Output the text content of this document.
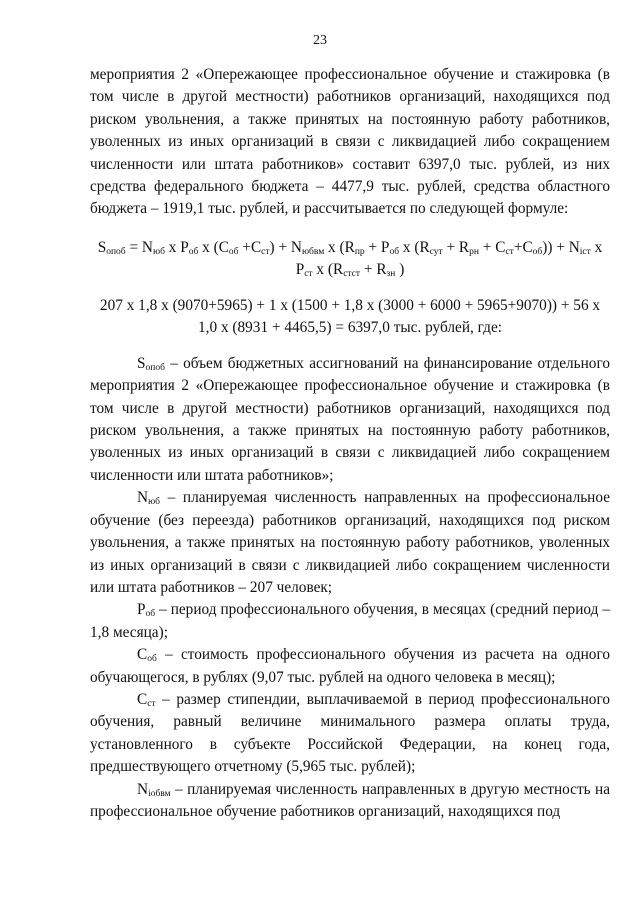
23

мероприятия 2 «Опережающее профессиональное обучение и стажировка (в том числе в другой местности) работников организаций, находящихся под риском увольнения, а также принятых на постоянную работу работников, уволенных из иных организаций в связи с ликвидацией либо сокращением численности или штата работников» составит 6397,0 тыс. рублей, из них средства федерального бюджета – 4477,9 тыс. рублей, средства областного бюджета – 1919,1 тыс. рублей, и рассчитывается по следующей формуле:

$S_{опоб} = N_{юб}$ x $P_{об}$ x $(C_{об} +C_{ст}) + N_{юбвм}$ x ($R_{пр} + P_{об}$ x $(R_{сут} + R_{рн} + C_{ст}+C_{об})) + N_{iст}$ x
$P_{ст}$ x ($R_{стст} + R_{зн}$ )
207 x 1,8 x (9070+5965) + 1 x (1500 + 1,8 x (3000 + 6000 + 5965+9070)) + 56 x
1,0 x (8931 + 4465,5) = 6397,0 тыс. рублей, где:

$S_{опоб}$ – объем бюджетных ассигнований на финансирование отдельного мероприятия 2 «Опережающее профессиональное обучение и стажировка (в том числе в другой местности) работников организаций, находящихся под риском увольнения, а также принятых на постоянную работу работников, уволенных из иных организаций в связи с ликвидацией либо сокращением численности или штата работников»;

$N_{юб}$ – планируемая численность направленных на профессиональное обучение (без переезда) работников организаций, находящихся под риском увольнения, а также принятых на постоянную работу работников, уволенных из иных организаций в связи с ликвидацией либо сокращением численности или штата работников – 207 человек;

$P_{об}$ – период профессионального обучения, в месяцах (средний период – 1,8 месяца);

$C_{об}$ – стоимость профессионального обучения из расчета на одного обучающегося, в рублях (9,07 тыс. рублей на одного человека в месяц);

$C_{ст}$ – размер стипендии, выплачиваемой в период профессионального обучения, равный величине минимального размера оплаты труда, установленного в субъекте Российской Федерации, на конец года, предшествующего отчетному (5,965 тыс. рублей);

$N_{iобвм}$ – планируемая численность направленных в другую местность на профессиональное обучение работников организаций, находящихся под
